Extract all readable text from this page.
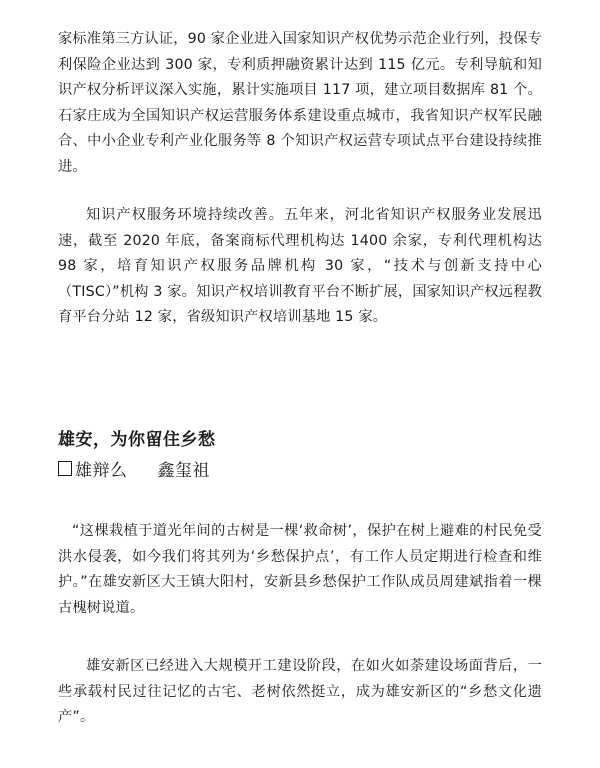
家标准第三方认证，90 家企业进入国家知识产权优势示范企业行列，投保专利保险企业达到 300 家，专利质押融资累计达到 115 亿元。专利导航和知识产权分析评议深入实施，累计实施项目 117 项，建立项目数据库 81 个。石家庄成为全国知识产权运营服务体系建设重点城市，我省知识产权军民融合、中小企业专利产业化服务等 8 个知识产权运营专项试点平台建设持续推进。

知识产权服务环境持续改善。五年来，河北省知识产权服务业发展迅速，截至 2020 年底，备案商标代理机构达 1400 余家，专利代理机构达 98 家，培育知识产权服务品牌机构 30 家，“技术与创新支持中心（TISC）”机构 3 家。知识产权培训教育平台不断扩展，国家知识产权远程教育平台分站 12 家，省级知识产权培训基地 15 家。

雄安，为你留住乡愁
雄辩么 鑫玺祖

“这棵栽植于道光年间的古树是一棵‘救命树’，保护在树上避难的村民免受洪水侵袭，如今我们将其列为‘乡愁保护点’，有工作人员定期进行检查和维护。”在雄安新区大王镇大阳村，安新县乡愁保护工作队成员周建斌指着一棵古槐树说道。

雄安新区已经进入大规模开工建设阶段，在如火如荼建设场面背后，一些承载村民过往记忆的古宅、老树依然挺立，成为雄安新区的“乡愁文化遗产”。
